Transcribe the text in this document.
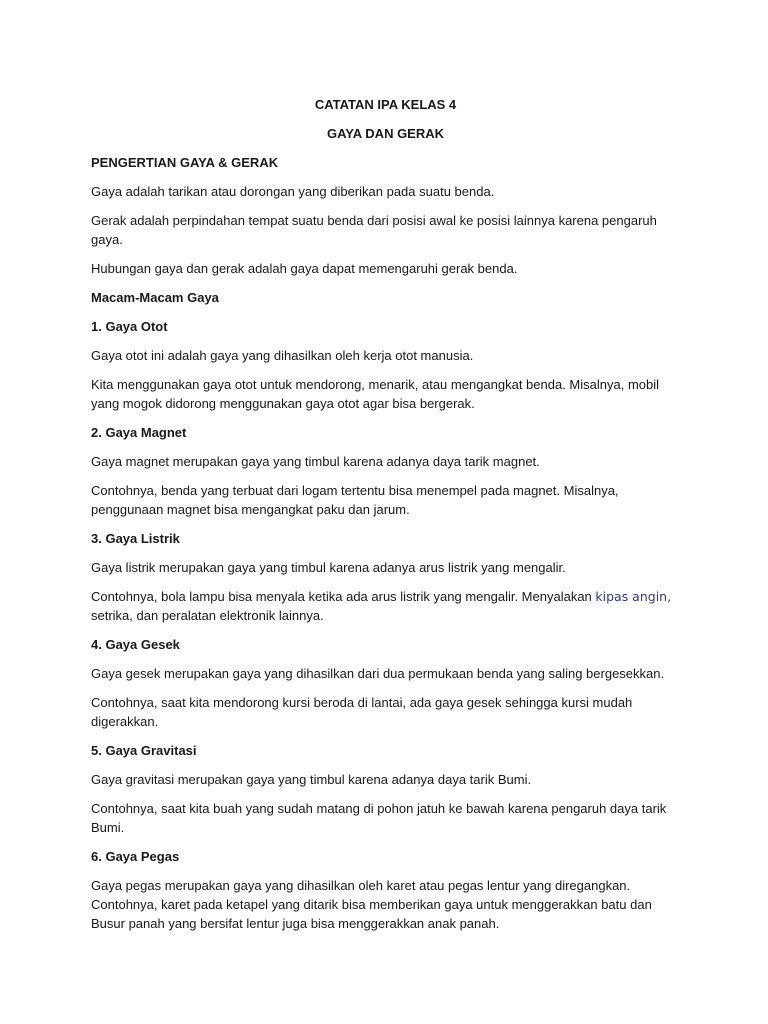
CATATAN IPA KELAS 4

GAYA DAN GERAK

PENGERTIAN GAYA & GERAK

Gaya adalah tarikan atau dorongan yang diberikan pada suatu benda.

Gerak adalah perpindahan tempat suatu benda dari posisi awal ke posisi lainnya karena pengaruh gaya.

Hubungan gaya dan gerak adalah gaya dapat memengaruhi gerak benda.

Macam-Macam Gaya

1. Gaya Otot

Gaya otot ini adalah gaya yang dihasilkan oleh kerja otot manusia.

Kita menggunakan gaya otot untuk mendorong, menarik, atau mengangkat benda. Misalnya, mobil yang mogok didorong menggunakan gaya otot agar bisa bergerak.

2. Gaya Magnet

Gaya magnet merupakan gaya yang timbul karena adanya daya tarik magnet.

Contohnya, benda yang terbuat dari logam tertentu bisa menempel pada magnet. Misalnya, penggunaan magnet bisa mengangkat paku dan jarum.

3. Gaya Listrik

Gaya listrik merupakan gaya yang timbul karena adanya arus listrik yang mengalir.

Contohnya, bola lampu bisa menyala ketika ada arus listrik yang mengalir. Menyalakan kipas angin, setrika, dan peralatan elektronik lainnya.

4. Gaya Gesek

Gaya gesek merupakan gaya yang dihasilkan dari dua permukaan benda yang saling bergesekkan.

Contohnya, saat kita mendorong kursi beroda di lantai, ada gaya gesek sehingga kursi mudah digerakkan.

5. Gaya Gravitasi

Gaya gravitasi merupakan gaya yang timbul karena adanya daya tarik Bumi.

Contohnya, saat kita buah yang sudah matang di pohon jatuh ke bawah karena pengaruh daya tarik Bumi.

6. Gaya Pegas

Gaya pegas merupakan gaya yang dihasilkan oleh karet atau pegas lentur yang diregangkan. Contohnya, karet pada ketapel yang ditarik bisa memberikan gaya untuk menggerakkan batu dan Busur panah yang bersifat lentur juga bisa menggerakkan anak panah.
